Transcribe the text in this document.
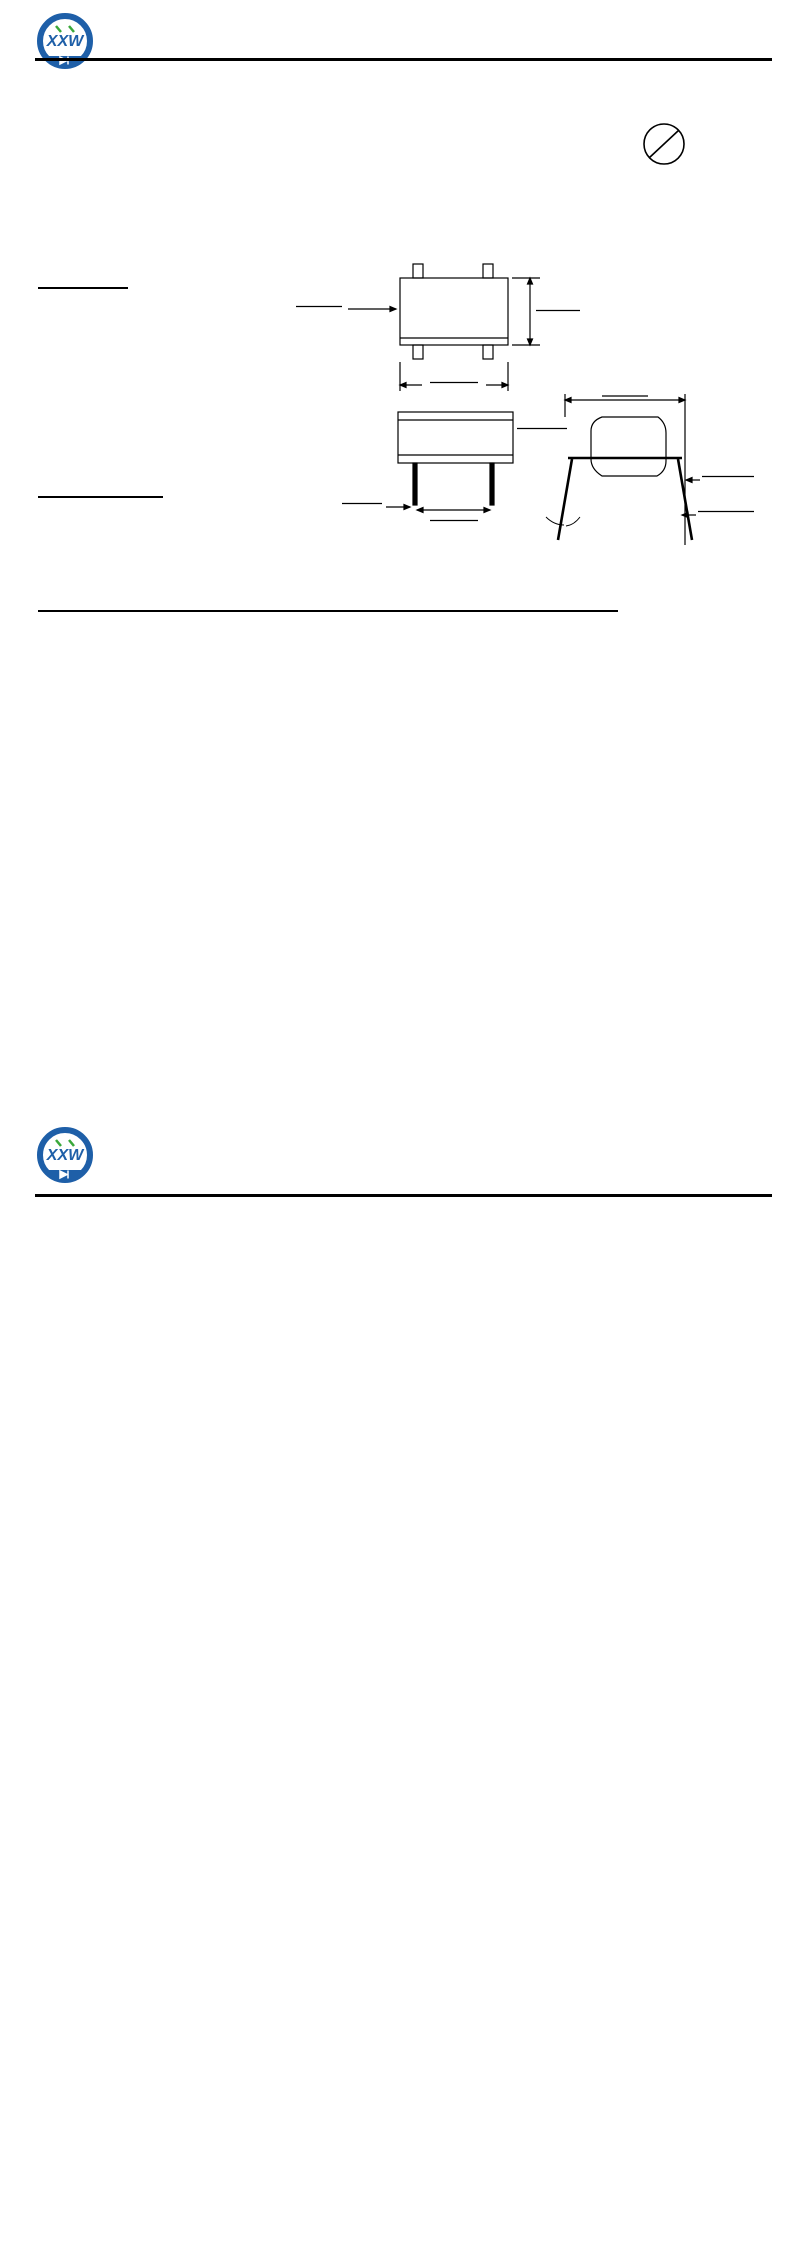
XXW
XXW
